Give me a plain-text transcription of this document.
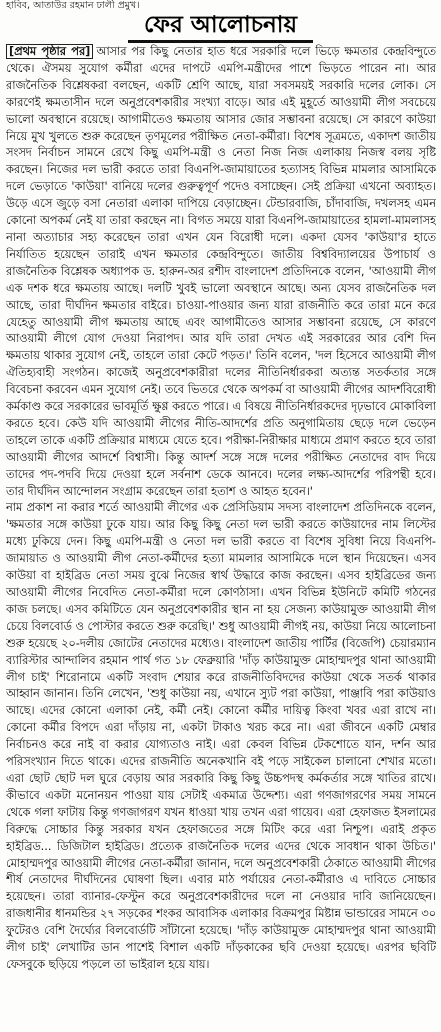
হাবিব, আতাউর রহমান ঢালী প্রমুখ।
ফের আলোচনায়

[প্রথম পৃষ্ঠার পর] আসার পর কিছু নেতার হাত ধরে সরকারি দলে ভিড়ে ক্ষমতার কেন্দ্রবিন্দুতে থেকে। ঐসময় সুযোগ কর্মীরা এদের দাপটে এমপি-মন্ত্রীদের পাশে ভিড়তে পারেন না। আর রাজনৈতিক বিশ্লেষকরা বলছেন, একটি শ্রেণি আছে, যারা সবসময়ই সরকারি দলের লোক। সে কারণেই ক্ষমতাসীন দলে অনুপ্রবেশকারীর সংখ্যা বাড়ে। আর এই মুহূর্তে আওয়ামী লীগ সবচেয়ে ভালো অবস্থানে রয়েছে। আগামীতেও ক্ষমতায় আসার জোর সম্ভাবনা রয়েছে। সে কারণে কাউয়া নিয়ে মুখ খুলতে শুরু করেছেন তৃণমূলের পরীক্ষিত নেতা-কর্মীরা। বিশেষ সূত্রমতে, একাদশ জাতীয় সংসদ নির্বাচন সামনে রেখে কিছু এমপি-মন্ত্রী ও নেতা নিজ নিজ এলাকায় নিজস্ব বলয় সৃষ্টি করছেন। নিজের দল ভারী করতে তারা বিএনপি-জামায়াতের হত্যাসহ বিভিন্ন মামলার আসামিকে দলে ভেড়াতে 'কাউয়া' বানিয়ে দলের গুরুত্বপূর্ণ পদেও বসাচ্ছেন। সেই প্রক্রিয়া এখনো অব্যাহত। উড়ে এসে জুড়ে বসা নেতারা এলাকা দাপিয়ে বেড়াচ্ছেন। টেন্ডারবাজি, চাঁদাবাজি, দখলসহ এমন কোনো অপকর্ম নেই যা তারা করছেন না। বিগত সময়ে যারা বিএনপি-জামায়াতের হামলা-মামলাসহ নানা অত্যাচার সহ্য করেছেন তারা এখন যেন বিরোধী দলে। একদা যেসব 'কাউয়া'র হাতে নির্যাতিত হয়েছেন তারাই এখন ক্ষমতার কেন্দ্রবিন্দুতে। জাতীয় বিশ্ববিদ্যালয়ের উপাচার্য ও রাজনৈতিক বিশ্লেষক অধ্যাপক ড. হারুন-অর রশীদ বাংলাদেশ প্রতিদিনকে বলেন, 'আওয়ামী লীগ এক দশক ধরে ক্ষমতায় আছে। দলটি খুবই ভালো অবস্থানে আছে। অন্য যেসব রাজনৈতিক দল আছে, তারা দীর্ঘদিন ক্ষমতার বাইরে। চাওয়া-পাওয়ার জন্য যারা রাজনীতি করে তারা মনে করে যেহেতু আওয়ামী লীগ ক্ষমতায় আছে এবং আগামীতেও আসার সম্ভাবনা রয়েছে, সে কারণে আওয়ামী লীগে যোগ দেওয়া নিরাপদ। আর যদি তারা দেখত এই সরকারের আর বেশি দিন ক্ষমতায় থাকার সুযোগ নেই, তাহলে তারা কেটে পড়ত।' তিনি বলেন, 'দল হিসেবে আওয়ামী লীগ ঐতিহ্যবাহী সংগঠন। কাজেই অনুপ্রবেশকারীরা দলের নীতিনির্ধারকরা অত্যন্ত সতর্কতার সঙ্গে বিবেচনা করবেন এমন সুযোগ নেই। তবে ভিতরে থেকে অপকর্ম বা আওয়ামী লীগের আদর্শবিরোধী কর্মকাণ্ড করে সরকারের ভাবমূর্তি ক্ষুণ্ণ করতে পারে। এ বিষয়ে নীতিনির্ধারকদের দৃঢ়ভাবে মোকাবিলা করতে হবে। কেউ যদি আওয়ামী লীগের নীতি-আদর্শের প্রতি অনুগামিতায় ছেড়ে দলে ভেড়েন তাহলে তাকে একটি প্রক্রিয়ার মাধ্যমে যেতে হবে। পরীক্ষা-নিরীক্ষার মাধ্যমে প্রমাণ করতে হবে তারা আওয়ামী লীগের আদর্শে বিশ্বাসী। কিন্তু আদর্শ সঙ্গে সঙ্গে দলের পরীক্ষিত নেতাদের বাদ দিয়ে তাদের পদ-পদবি দিয়ে দেওয়া হলে সর্বনাশ ডেকে আনবে। দলের লক্ষ্য-আদর্শের পরিপন্থী হবে। তার দীর্ঘদিন আন্দোলন সংগ্রাম করেছেন তারা হতাশ ও আহত হবেন।'

নাম প্রকাশ না করার শর্তে আওয়ামী লীগের এক প্রেসিডিয়াম সদস্য বাংলাদেশ প্রতিদিনকে বলেন, 'ক্ষমতার সঙ্গে কাউয়া ঢুকে যায়। আর কিছু কিছু নেতা দল ভারী করতে কাউয়াদের নাম লিস্টের মধ্যে ঢুকিয়ে দেন। কিছু এমপি-মন্ত্রী ও নেতা দল ভারী করতে বা বিশেষ সুবিধা নিয়ে বিএনপি-জামায়াত ও আওয়ামী লীগ নেতা-কর্মীদের হত্যা মামলার আসামিকে দলে স্থান দিয়েছেন। এসব কাউয়া বা হাইব্রিড নেতা সময় বুঝে নিজের স্বার্থ উদ্ধারে কাজ করছেন। এসব হাইব্রিডের জন্য আওয়ামী লীগের নিবেদিত নেতা-কর্মীরা দলে কোণঠাসা। এখন বিভিন্ন ইউনিটে কমিটি গঠনের কাজ চলছে। এসব কমিটিতে যেন অনুপ্রবেশকারীর স্থান না হয় সেজন্য কাউয়ামুক্ত আওয়ামী লীগ চেয়ে বিলবোর্ড ও পোস্টার করতে শুরু করেছি।' শুধু আওয়ামী লীগই নয়, কাউয়া নিয়ে আলোচনা শুরু হয়েছে ২০-দলীয় জোটের নেতাদের মধ্যেও। বাংলাদেশ জাতীয় পার্টির (বিজেপি) চেয়ারম্যান ব্যারিস্টার আন্দালিব রহমান পার্থ গত ১৮ ফেব্রুয়ারি 'দাঁড় কাউয়ামুক্ত মোহাম্মদপুর থানা আওয়ামী লীগ চাই' শিরোনামে একটি সংবাদ শেয়ার করে রাজনীতিবিদদের কাউয়া থেকে সতর্ক থাকার আহ্বান জানান। তিনি লেখেন, 'শুধু কাউয়া নয়, এখানে স্যুট পরা কাউয়া, পাঞ্জাবি পরা কাউয়াও আছে। এদের কোনো এলাকা নেই, কর্মী নেই। কোনো কর্মীর দায়িত্ব কিংবা খবর এরা রাখে না। কোনো কর্মীর বিপদে এরা দাঁড়ায় না, একটা টাকাও খরচ করে না। এরা জীবনে একটি মেম্বার নির্বাচনও করে নাই বা করার যোগ্যতাও নাই। এরা কেবল বিভিন্ন টেকশোতে যান, দর্শন আর পরিসংখ্যান দিতে থাকে। এদের রাজনীতি অনেকখানি বই পড়ে সাইকেল চালানো শেখার মতো। এরা ছোট ছোট দল ঘুরে বেড়ায় আর সরকারি কিছু কিছু উচ্চপদস্থ কর্মকর্তার সঙ্গে খাতির রাখে। কীভাবে একটা মনোনয়ন পাওয়া যায় সেটাই একমাত্র উদ্দেশ্য। এরা গণজাগরণের সময় সামনে থেকে গলা ফাটায় কিন্তু গণজাগরণ যখন ধাওয়া খায় তখন এরা গায়েব। এরা হেফাজত ইসলামের বিরুদ্ধে সোচ্চার কিন্তু সরকার যখন হেফাজতের সঙ্গে মিটিং করে এরা নিশ্চুপ। এরাই প্রকৃত হাইব্রিড... ডিজিটাল হাইব্রিড। প্রত্যেক রাজনৈতিক দলের এদের থেকে সাবধান থাকা উচিত।' মোহাম্মদপুর আওয়ামী লীগের নেতা-কর্মীরা জানান, দলে অনুপ্রবেশকারী ঠেকাতে আওয়ামী লীগের শীর্ষ নেতাদের দীর্ঘদিনের ঘোষণা ছিল। এবার মাঠ পর্যায়ের নেতা-কর্মীরাও এ দাবিতে সোচ্চার হয়েছেন। তারা ব্যানার-ফেস্টুন করে অনুপ্রবেশকারীদের দলে না নেওয়ার দাবি জানিয়েছেন। রাজধানীর ধানমন্ডির ২৭ সড়কের শংকর আবাসিক এলাকার বিক্রমপুর মিষ্টান্ন ভান্ডারের সামনে ৩০ ফুটেরও বেশি দৈর্ঘ্যের বিলবোর্ডটি সাঁটানো হয়েছে। 'দাঁড় কাউয়ামুক্ত মোহাম্মদপুর থানা আওয়ামী লীগ চাই' লেখাটির ডান পাশেই বিশাল একটি দাঁড়কাকের ছবি দেওয়া হয়েছে। এরপর ছবিটি ফেসবুকে ছড়িয়ে পড়লে তা ভাইরাল হয়ে যায়।
